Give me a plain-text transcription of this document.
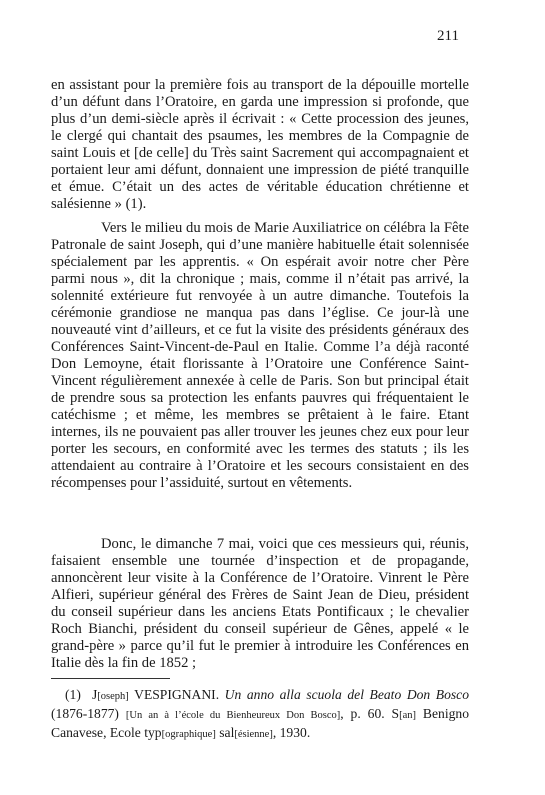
211

en assistant pour la première fois au transport de la dépouille mortelle d’un défunt dans l’Oratoire, en garda une impression si profonde, que plus d’un demi-siècle après il écrivait : « Cette procession des jeunes, le clergé qui chantait des psaumes, les membres de la Compagnie de saint Louis et [de celle] du Très saint Sacrement qui accompagnaient et portaient leur ami défunt, donnaient une impression de piété tranquille et émue. C’était un des actes de véritable éducation chrétienne et salésienne » (1).

Vers le milieu du mois de Marie Auxiliatrice on célébra la Fête Patronale de saint Joseph, qui d’une manière habituelle était solennisée spécialement par les apprentis. « On espérait avoir notre cher Père parmi nous », dit la chronique ; mais, comme il n’était pas arrivé, la solennité extérieure fut renvoyée à un autre dimanche. Toutefois la cérémonie grandiose ne manqua pas dans l’église. Ce jour-là une nouveauté vint d’ailleurs, et ce fut la visite des présidents généraux des Conférences Saint-Vincent-de-Paul en Italie. Comme l’a déjà raconté Don Lemoyne, était florissante à l’Oratoire une Conférence Saint-Vincent régulièrement annexée à celle de Paris. Son but principal était de prendre sous sa protection les enfants pauvres qui fréquentaient le catéchisme ; et même, les membres se prêtaient à le faire. Etant internes, ils ne pouvaient pas aller trouver les jeunes chez eux pour leur porter les secours, en conformité avec les termes des statuts ; ils les attendaient au contraire à l’Oratoire et les secours consistaient en des récompenses pour l’assiduité, surtout en vêtements.

Donc, le dimanche 7 mai, voici que ces messieurs qui, réunis, faisaient ensemble une tournée d’inspection et de propagande, annoncèrent leur visite à la Conférence de l’Oratoire. Vinrent le Père Alfieri, supérieur général des Frères de Saint Jean de Dieu, président du conseil supérieur dans les anciens Etats Pontificaux ; le chevalier Roch Bianchi, président du conseil supérieur de Gênes, appelé « le grand-père » parce qu’il fut le premier à introduire les Conférences en Italie dès la fin de 1852 ;

(1) J[oseph] VESPIGNANI. Un anno alla scuola del Beato Don Bosco (1876-1877) [Un an à l’école du Bienheureux Don Bosco], p. 60. S[an] Benigno Canavese, Ecole typ[ographique] sal[ésienne], 1930.
